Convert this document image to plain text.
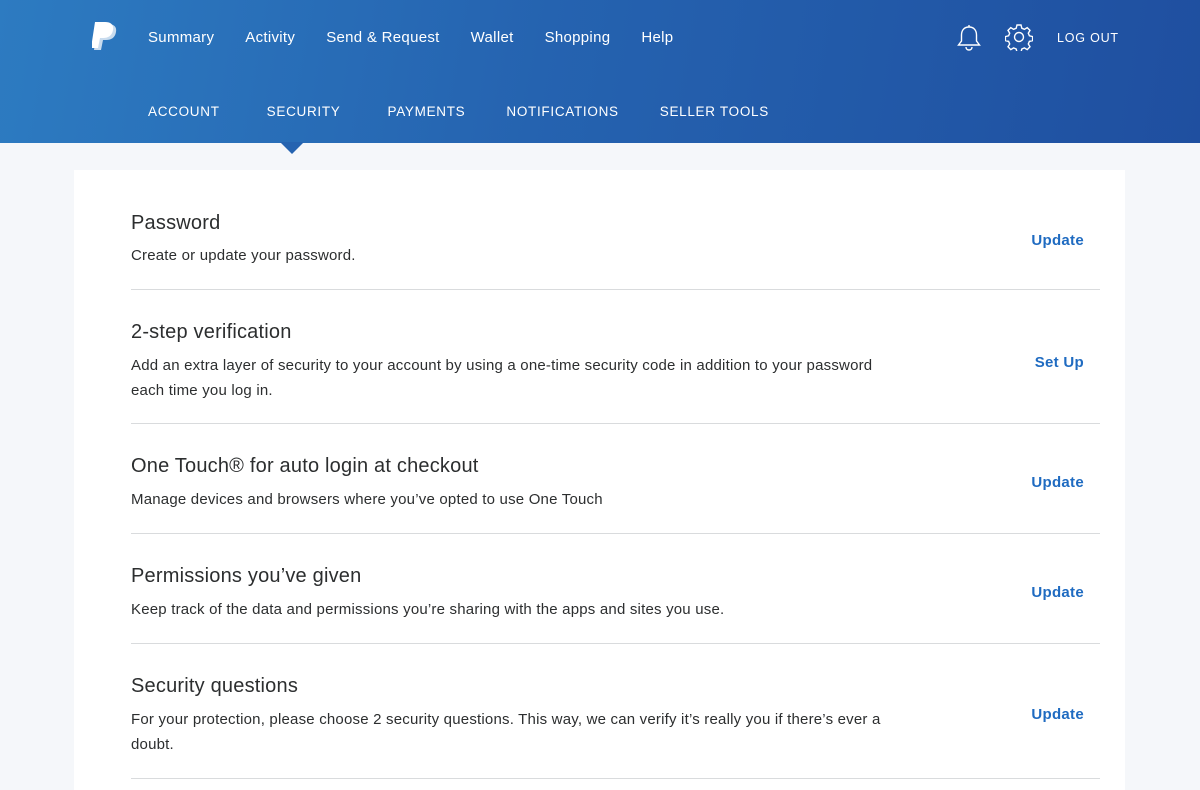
Summary Activity Send & Request Wallet Shopping Help	LOG OUT
ACCOUNT	SECURITY	PAYMENTS	NOTIFICATIONS	SELLER TOOLS
Password
Create or update your password.
Update
2-step verification
Add an extra layer of security to your account by using a one-time security code in addition to your password each time you log in.
Set Up
One Touch® for auto login at checkout
Manage devices and browsers where you’ve opted to use One Touch
Update
Permissions you’ve given
Keep track of the data and permissions you’re sharing with the apps and sites you use.
Update
Security questions
For your protection, please choose 2 security questions. This way, we can verify it’s really you if there’s ever a doubt.
Update
